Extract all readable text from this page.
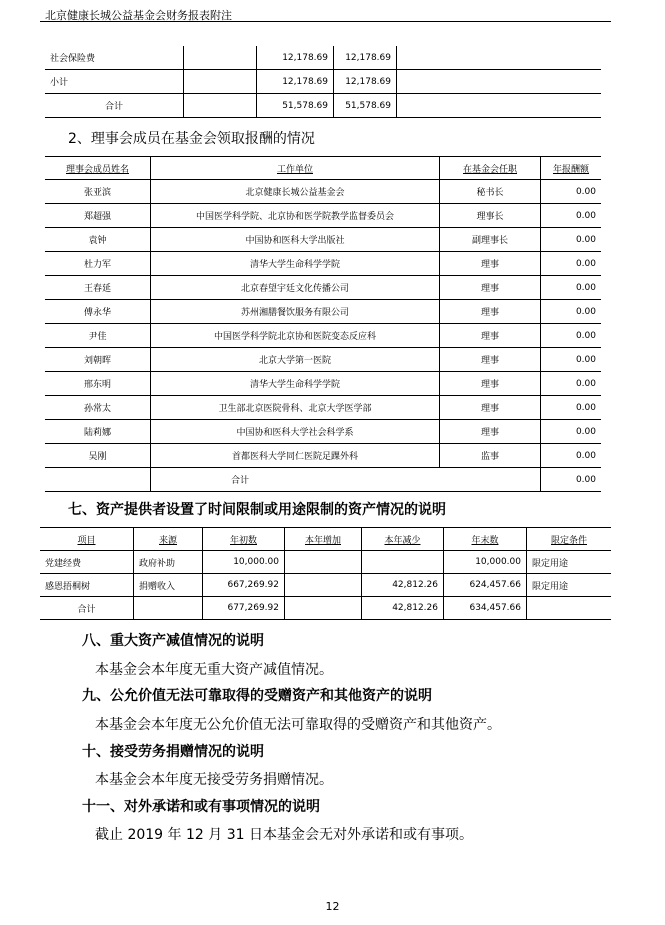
北京健康长城公益基金会财务报表附注
社会保险费		12,178.69	12,178.69	
小计		12,178.69	12,178.69	
合计		51,578.69	51,578.69	
2、理事会成员在基金会领取报酬的情况
理事会成员姓名	工作单位	在基金会任职	年报酬额
张亚滨	北京健康长城公益基金会	秘书长	0.00
郑超强	中国医学科学院、北京协和医学院教学监督委员会	理事长	0.00
袁钟	中国协和医科大学出版社	副理事长	0.00
杜力军	清华大学生命科学学院	理事	0.00
王春延	北京春望宇廷文化传播公司	理事	0.00
傅永华	苏州湘膳餐饮服务有限公司	理事	0.00
尹佳	中国医学科学院北京协和医院变态反应科	理事	0.00
刘朝晖	北京大学第一医院	理事	0.00
邢东明	清华大学生命科学学院	理事	0.00
孙常太	卫生部北京医院骨科、北京大学医学部	理事	0.00
陆莉娜	中国协和医科大学社会科学系	理事	0.00
吴刚	首都医科大学同仁医院足踝外科	监事	0.00
	合计		0.00
七、资产提供者设置了时间限制或用途限制的资产情况的说明
项目	来源	年初数	本年增加	本年减少	年末数	限定条件
党建经费	政府补助	10,000.00			10,000.00	限定用途
感恩捂桐树	捐赠收入	667,269.92		42,812.26	624,457.66	限定用途
合计		677,269.92		42,812.26	634,457.66	
八、重大资产减值情况的说明
本基金会本年度无重大资产减值情况。
九、公允价值无法可靠取得的受赠资产和其他资产的说明
本基金会本年度无公允价值无法可靠取得的受赠资产和其他资产。
十、接受劳务捐赠情况的说明
本基金会本年度无接受劳务捐赠情况。
十一、对外承诺和或有事项情况的说明
截止 2019 年 12 月 31 日本基金会无对外承诺和或有事项。
12
